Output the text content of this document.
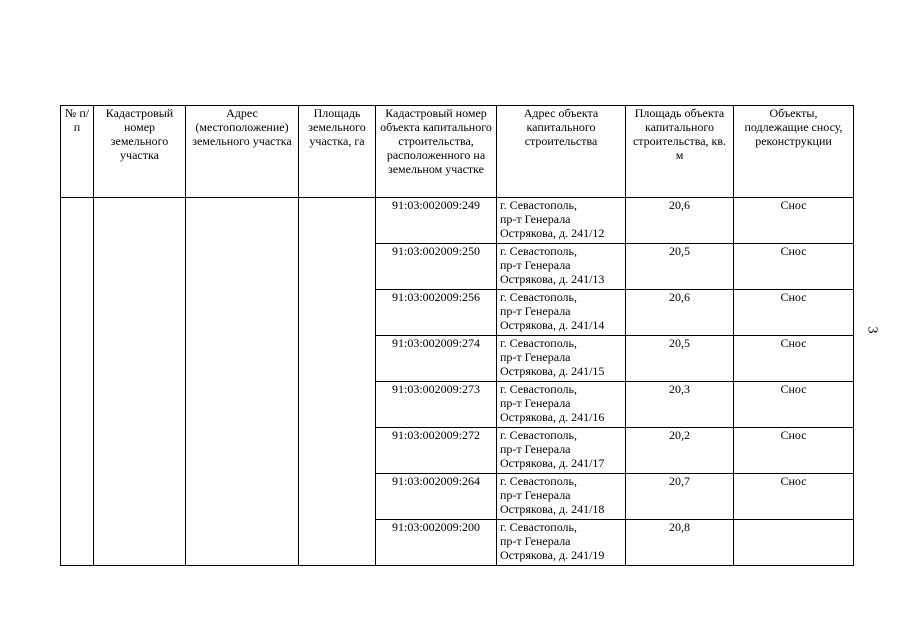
№ п/п	Кадастровый номер земельного участка	Адрес (местоположение) земельного участка	Площадь земельного участка, га	Кадастровый номер объекта капитального строительства, расположенного на земельном участке	Адрес объекта капитального строительства	Площадь объекта капитального строительства, кв. м	Объекты, подлежащие сносу, реконструкции
				91:03:002009:249	г. Севастополь,
пр-т Генерала
Острякова, д. 241/12	20,6	Снос
				91:03:002009:250	г. Севастополь,
пр-т Генерала
Острякова, д. 241/13	20,5	Снос
				91:03:002009:256	г. Севастополь,
пр-т Генерала
Острякова, д. 241/14	20,6	Снос
				91:03:002009:274	г. Севастополь,
пр-т Генерала
Острякова, д. 241/15	20,5	Снос
				91:03:002009:273	г. Севастополь,
пр-т Генерала
Острякова, д. 241/16	20,3	Снос
				91:03:002009:272	г. Севастополь,
пр-т Генерала
Острякова, д. 241/17	20,2	Снос
				91:03:002009:264	г. Севастополь,
пр-т Генерала
Острякова, д. 241/18	20,7	Снос
				91:03:002009:200	г. Севастополь,
пр-т Генерала
Острякова, д. 241/19	20,8	
3
